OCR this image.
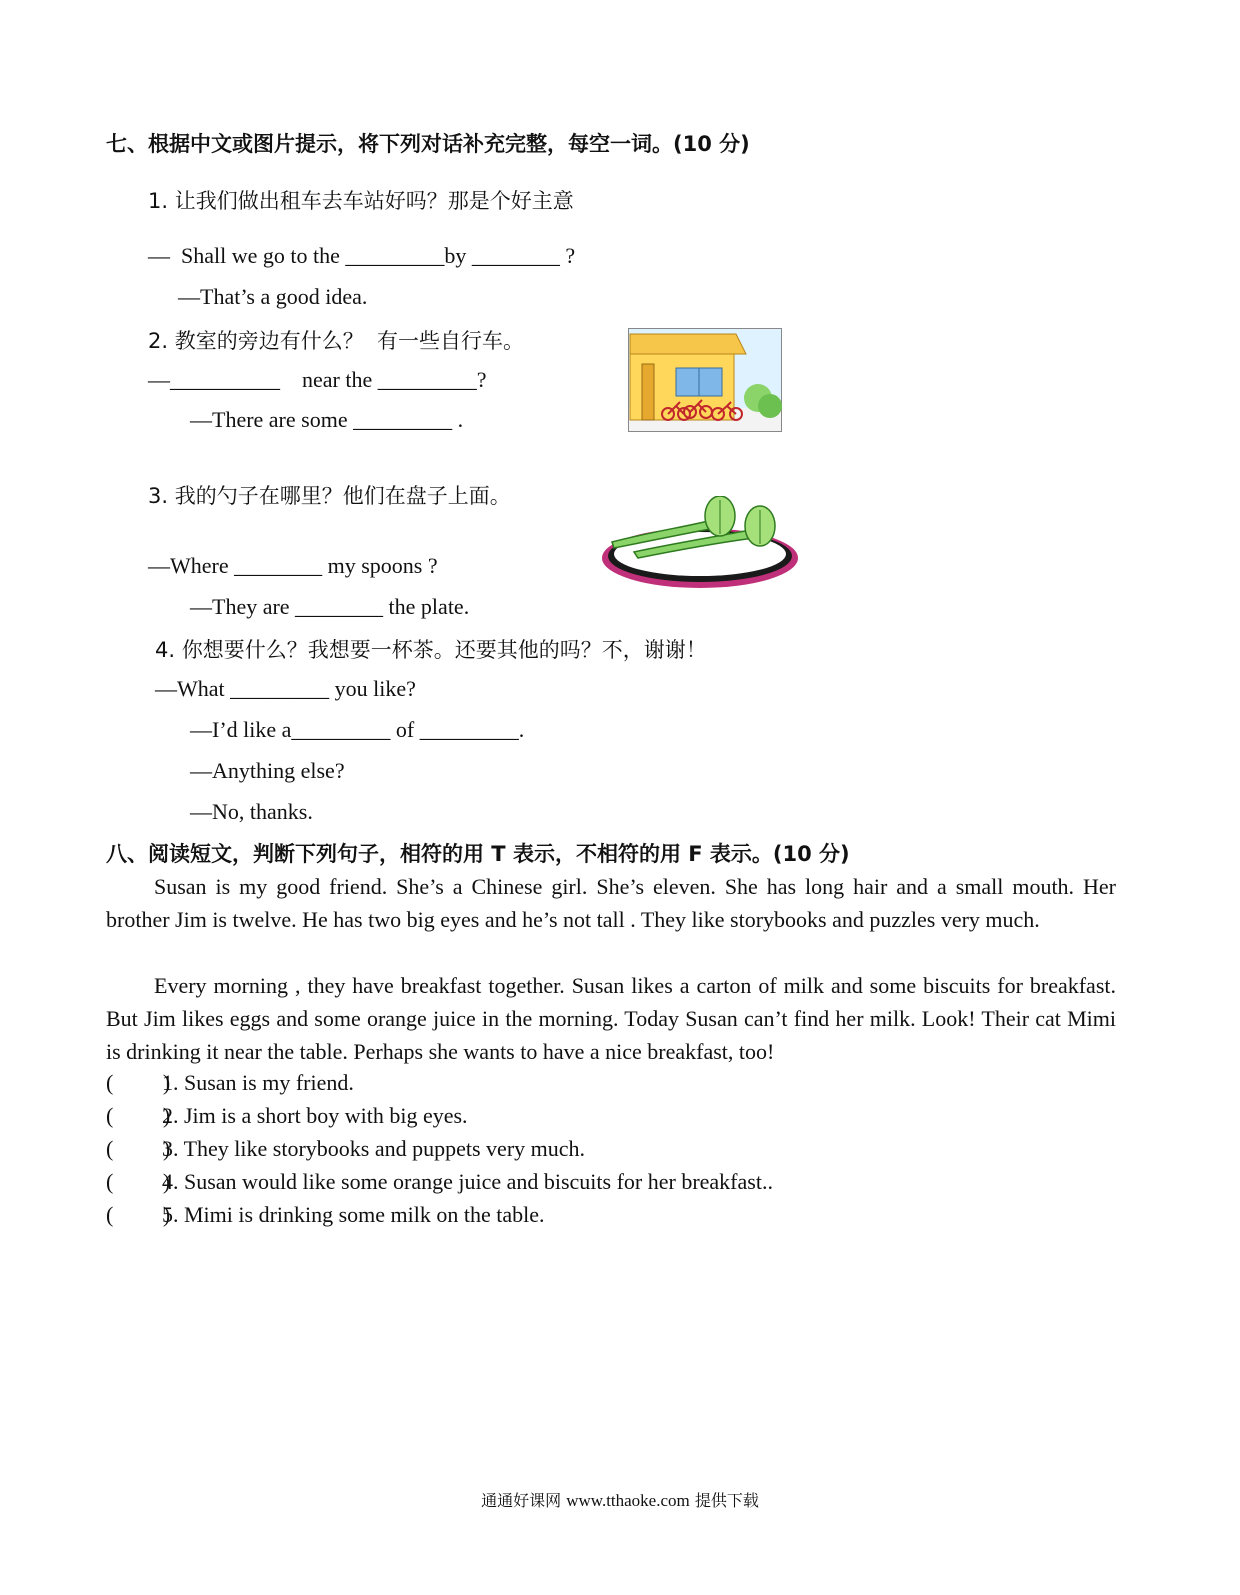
七、根据中文或图片提示，将下列对话补充完整，每空一词。(10 分)
1. 让我们做出租车去车站好吗？那是个好主意
—  Shall we go to the _________by ________ ?
—That’s a good idea.
2. 教室的旁边有什么？  有一些自行车。
—__________    near the _________?
—There are some _________ .
3. 我的勺子在哪里？他们在盘子上面。
—Where ________ my spoons ?
—They are ________ the plate.
4. 你想要什么？我想要一杯茶。还要其他的吗？不，谢谢！
—What _________ you like?
—I’d like a_________ of _________.
—Anything else?
—No, thanks.
八、阅读短文，判断下列句子，相符的用 T 表示，不相符的用 F 表示。(10 分)

Susan is my good friend. She’s a Chinese girl. She’s eleven. She has long hair and a small mouth. Her brother Jim is twelve. He has two big eyes and he’s not tall . They like storybooks and puzzles very much.

Every morning , they have breakfast together. Susan likes a carton of milk and some biscuits for breakfast. But Jim likes eggs and some orange juice in the morning. Today Susan can’t find her milk. Look! Their cat Mimi is drinking it near the table. Perhaps she wants to have a nice breakfast, too!

(         )1. Susan is my friend.
(         )2. Jim is a short boy with big eyes.
(         )3. They like storybooks and puppets very much.
(         )4. Susan would like some orange juice and biscuits for her breakfast..
(         )5. Mimi is drinking some milk on the table.
通通好课网 www.tthaoke.com 提供下载
